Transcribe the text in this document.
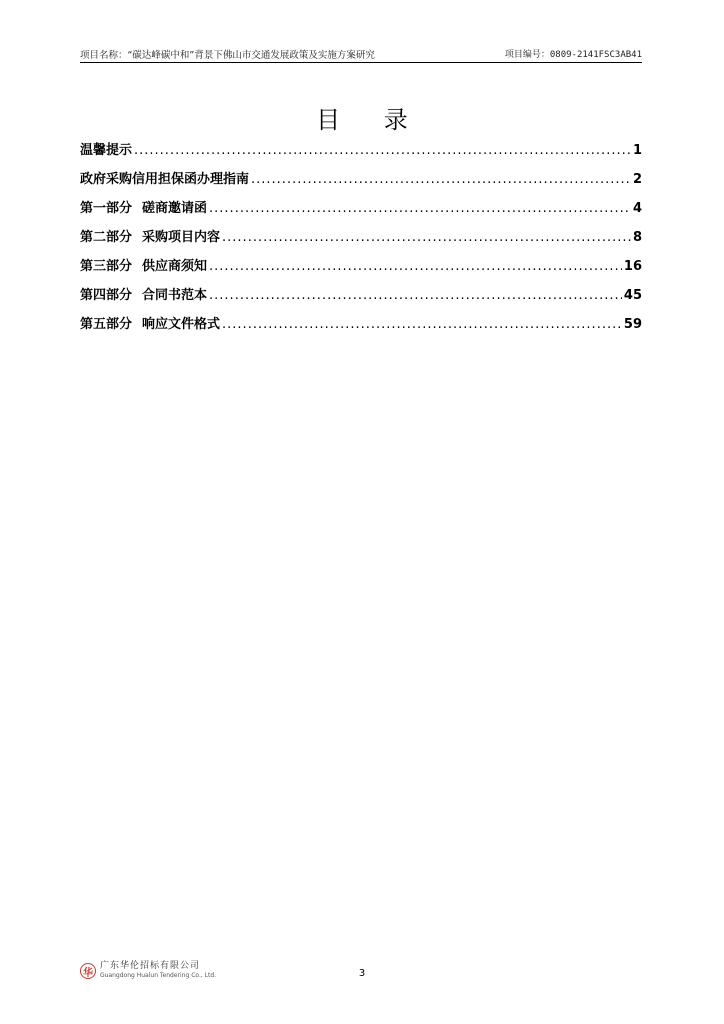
项目名称：“碳达峰碳中和”背景下佛山市交通发展政策及实施方案研究	项目编号：0809-2141FSC3AB41
目 录
温馨提示 .....	1
政府采购信用担保函办理指南 .....	2
第一部分 磋商邀请函 .....	4
第二部分 采购项目内容 .....	8
第三部分 供应商须知 .....	16
第四部分 合同书范本 .....	45
第五部分 响应文件格式 .....	59
华
广东华伦招标有限公司
Guangdong Hualun Tendering Co., Ltd.	3
